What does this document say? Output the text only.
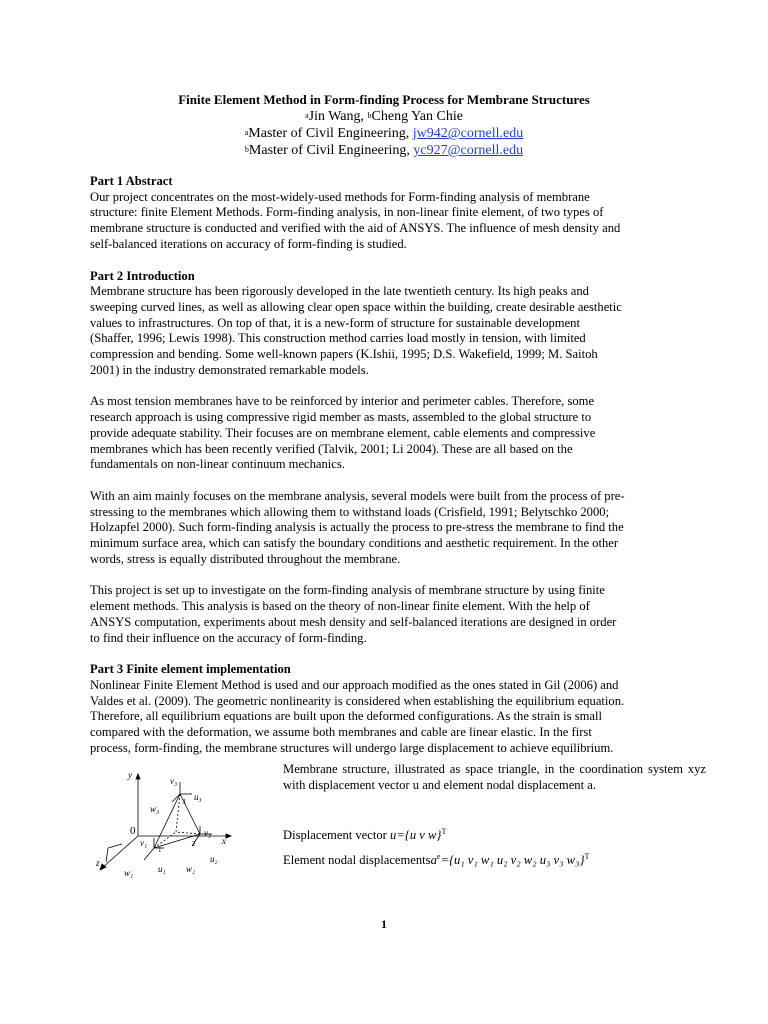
Finite Element Method in Form-finding Process for Membrane Structures
$^a$Jin Wang, $^b$Cheng Yan Chie
$^a$Master of Civil Engineering, jw942@cornell.edu
$^b$Master of Civil Engineering, yc927@cornell.edu
Part 1 Abstract
Our project concentrates on the most-widely-used methods for Form-finding analysis of membrane
structure: finite Element Methods. Form-finding analysis, in non-linear finite element, of two types of
membrane structure is conducted and verified with the aid of ANSYS. The influence of mesh density and
self-balanced iterations on accuracy of form-finding is studied.
Part 2 Introduction
Membrane structure has been rigorously developed in the late twentieth century. Its high peaks and
sweeping curved lines, as well as allowing clear open space within the building, create desirable aesthetic
values to infrastructures. On top of that, it is a new-form of structure for sustainable development
(Shaffer, 1996; Lewis 1998). This construction method carries load mostly in tension, with limited
compression and bending. Some well-known papers (K.Ishii, 1995; D.S. Wakefield, 1999; M. Saitoh
2001) in the industry demonstrated remarkable models.
As most tension membranes have to be reinforced by interior and perimeter cables. Therefore, some
research approach is using compressive rigid member as masts, assembled to the global structure to
provide adequate stability. Their focuses are on membrane element, cable elements and compressive
membranes which has been recently verified (Talvik, 2001; Li 2004). These are all based on the
fundamentals on non-linear continuum mechanics.
With an aim mainly focuses on the membrane analysis, several models were built from the process of pre-
stressing to the membranes which allowing them to withstand loads (Crisfield, 1991; Belytschko 2000;
Holzapfel 2000). Such form-finding analysis is actually the process to pre-stress the membrane to find the
minimum surface area, which can satisfy the boundary conditions and aesthetic requirement. In the other
words, stress is equally distributed throughout the membrane.
This project is set up to investigate on the form-finding analysis of membrane structure by using finite
element methods. This analysis is based on the theory of non-linear finite element. With the help of
ANSYS computation, experiments about mesh density and self-balanced iterations are designed in order
to find their influence on the accuracy of form-finding.
Part 3 Finite element implementation
Nonlinear Finite Element Method is used and our approach modified as the ones stated in Gil (2006) and
Valdes et al. (2009). The geometric nonlinearity is considered when establishing the equilibrium equation.
Therefore, all equilibrium equations are built upon the deformed configurations. As the strain is small
compared with the deformation, we assume both membranes and cable are linear elastic. In the first
process, form-finding, the membrane structures will undergo large displacement to achieve equilibrium.
y
v₃
w₃
u₃
0	v₂
x
v₁
u₂
z
w₁	u₁ w₂
1
2
3
Membrane structure, illustrated as space triangle, in the coordination system xyz with displacement vector u and element nodal displacement a.
Displacement vector u={u v w}$^T$
Element nodal displacementsa$^e$={u₁ v₁ w₁ u₂ v₂ w₂ u₃ v₃ w₃}$^T$
1
